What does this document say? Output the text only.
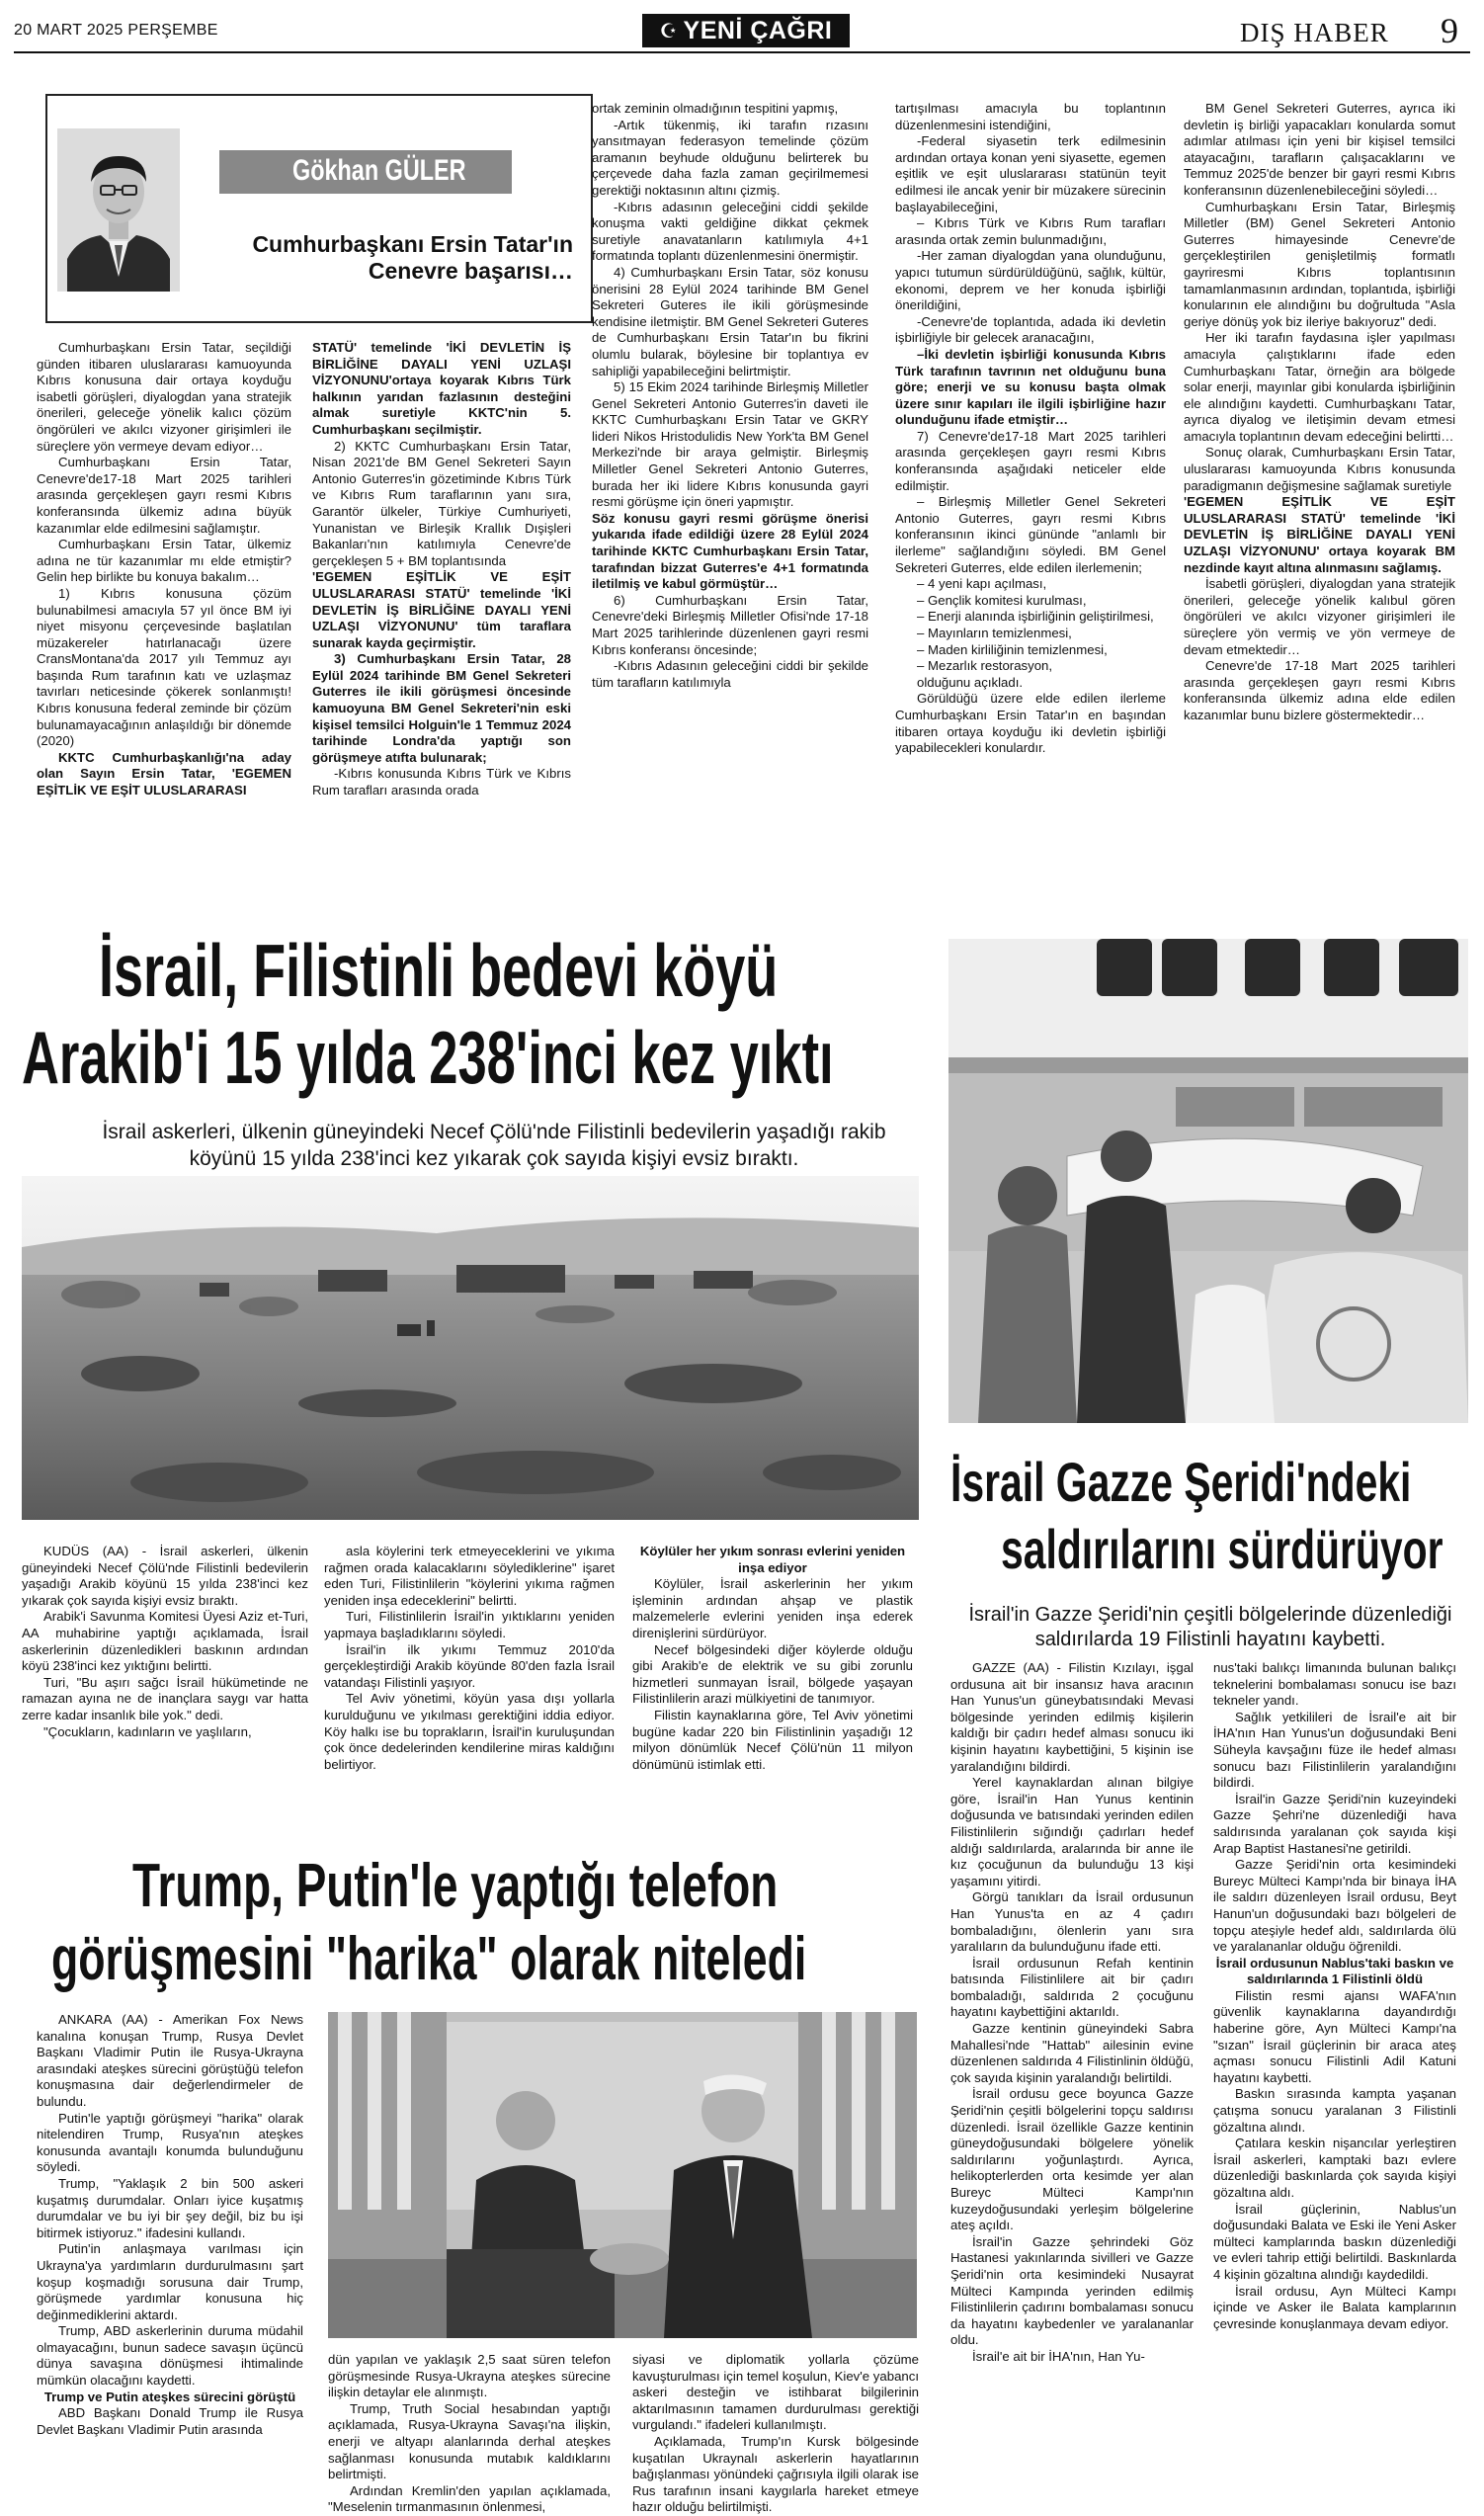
20 MART 2025 PERŞEMBE	☪ YENİ ÇAĞRI	DIŞ HABER 9
Gökhan GÜLER
Cumhurbaşkanı Ersin Tatar'ın Cenevre başarısı…

Cumhurbaşkanı Ersin Tatar, seçildiği günden itibaren uluslararası kamuoyunda Kıbrıs konusuna dair ortaya koyduğu isabetli görüşleri, diyalogdan yana stratejik önerileri, geleceğe yönelik kalıcı çözüm öngörüleri ve akılcı vizyoner girişimleri ile süreçlere yön vermeye devam ediyor…

Cumhurbaşkanı Ersin Tatar, Cenevre'de17-18 Mart 2025 tarihleri arasında gerçekleşen gayrı resmi Kıbrıs konferansında ülkemiz adına büyük kazanımlar elde edilmesini sağlamıştır.

Cumhurbaşkanı Ersin Tatar, ülkemiz adına ne tür kazanımlar mı elde etmiştir? Gelin hep birlikte bu konuya bakalım…

1) Kıbrıs konusuna çözüm bulunabilmesi amacıyla 57 yıl önce BM iyi niyet misyonu çerçevesinde başlatılan müzakereler hatırlanacağı üzere CransMontana'da 2017 yılı Temmuz ayı başında Rum tarafının katı ve uzlaşmaz tavırları neticesinde çökerek sonlanmıştı! Kıbrıs konusuna federal zeminde bir çözüm bulunamayacağının anlaşıldığı bir dönemde (2020)

KKTC Cumhurbaşkanlığı'na aday olan Sayın Ersin Tatar, 'EGEMEN EŞİTLİK VE EŞİT ULUSLARARASI

STATÜ' temelinde 'İKİ DEVLETİN İŞ BİRLİĞİNE DAYALI YENİ UZLAŞI VİZYONUNU'ortaya koyarak Kıbrıs Türk halkının yarıdan fazlasının desteğini almak suretiyle KKTC'nin 5. Cumhurbaşkanı seçilmiştir.

2) KKTC Cumhurbaşkanı Ersin Tatar, Nisan 2021'de BM Genel Sekreteri Sayın Antonio Guterres'in gözetiminde Kıbrıs Türk ve Kıbrıs Rum taraflarının yanı sıra, Garantör ülkeler, Türkiye Cumhuriyeti, Yunanistan ve Birleşik Krallık Dışişleri Bakanları'nın katılımıyla Cenevre'de gerçekleşen 5 + BM toplantısında

'EGEMEN EŞİTLİK VE EŞİT ULUSLARARASI STATÜ' temelinde 'İKİ DEVLETİN İŞ BİRLİĞİNE DAYALI YENİ UZLAŞI VİZYONUNU' tüm taraflara sunarak kayda geçirmiştir.

3) Cumhurbaşkanı Ersin Tatar, 28 Eylül 2024 tarihinde BM Genel Sekreteri Guterres ile ikili görüşmesi öncesinde kamuoyuna BM Genel Sekreteri'nin eski kişisel temsilci Holguin'le 1 Temmuz 2024 tarihinde Londra'da yaptığı son görüşmeye atıfta bulunarak;

-Kıbrıs konusunda Kıbrıs Türk ve Kıbrıs Rum tarafları arasında orada

ortak zeminin olmadığının tespitini yapmış,

-Artık tükenmiş, iki tarafın rızasını yansıtmayan federasyon temelinde çözüm aramanın beyhude olduğunu belirterek bu çerçevede daha fazla zaman geçirilmemesi gerektiği noktasının altını çizmiş.

-Kıbrıs adasının geleceğini ciddi şekilde konuşma vakti geldiğine dikkat çekmek suretiyle anavatanların katılımıyla 4+1 formatında toplantı düzenlenmesini önermiştir.

4) Cumhurbaşkanı Ersin Tatar, söz konusu önerisini 28 Eylül 2024 tarihinde BM Genel Sekreteri Guteres ile ikili görüşmesinde kendisine iletmiştir. BM Genel Sekreteri Guteres de Cumhurbaşkanı Ersin Tatar'ın bu fikrini olumlu bularak, böylesine bir toplantıya ev sahipliği yapabileceğini belirtmiştir.

5) 15 Ekim 2024 tarihinde Birleşmiş Milletler Genel Sekreteri Antonio Guterres'in daveti ile KKTC Cumhurbaşkanı Ersin Tatar ve GKRY lideri Nikos Hristodulidis New York'ta BM Genel Merkezi'nde bir araya gelmiştir. Birleşmiş Milletler Genel Sekreteri Antonio Guterres, burada her iki lidere Kıbrıs konusunda gayri resmi görüşme için öneri yapmıştır.

Söz konusu gayri resmi görüşme önerisi yukarıda ifade edildiği üzere 28 Eylül 2024 tarihinde KKTC Cumhurbaşkanı Ersin Tatar, tarafından bizzat Guterres'e 4+1 formatında iletilmiş ve kabul görmüştür…

6) Cumhurbaşkanı Ersin Tatar, Cenevre'deki Birleşmiş Milletler Ofisi'nde 17-18 Mart 2025 tarihlerinde düzenlenen gayri resmi Kıbrıs konferansı öncesinde;

-Kıbrıs Adasının geleceğini ciddi bir şekilde tüm tarafların katılımıyla

tartışılması amacıyla bu toplantının düzenlenmesini istendiğini,

-Federal siyasetin terk edilmesinin ardından ortaya konan yeni siyasette, egemen eşitlik ve eşit uluslararası statünün teyit edilmesi ile ancak yenir bir müzakere sürecinin başlayabileceğini,

– Kıbrıs Türk ve Kıbrıs Rum tarafları arasında ortak zemin bulunmadığını,

-Her zaman diyalogdan yana olunduğunu, yapıcı tutumun sürdürüldüğünü, sağlık, kültür, ekonomi, deprem ve her konuda işbirliği önerildiğini,

-Cenevre'de toplantıda, adada iki devletin işbirliğiyle bir gelecek aranacağını,

–İki devletin işbirliği konusunda Kıbrıs Türk tarafının tavrının net olduğunu buna göre; enerji ve su konusu başta olmak üzere sınır kapıları ile ilgili işbirliğine hazır olunduğunu ifade etmiştir…

7) Cenevre'de17-18 Mart 2025 tarihleri arasında gerçekleşen gayrı resmi Kıbrıs konferansında aşağıdaki neticeler elde edilmiştir.

– Birleşmiş Milletler Genel Sekreteri Antonio Guterres, gayrı resmi Kıbrıs konferansının ikinci gününde "anlamlı bir ilerleme" sağlandığını söyledi. BM Genel Sekreteri Guterres, elde edilen ilerlemenin;

– 4 yeni kapı açılması,

– Gençlik komitesi kurulması,

– Enerji alanında işbirliğinin geliştirilmesi,

– Mayınların temizlenmesi,

– Maden kirliliğinin temizlenmesi,

– Mezarlık restorasyon,

olduğunu açıkladı.

Görüldüğü üzere elde edilen ilerleme Cumhurbaşkanı Ersin Tatar'ın en başından itibaren ortaya koyduğu iki devletin işbirliği yapabilecekleri konulardır.

BM Genel Sekreteri Guterres, ayrıca iki devletin iş birliği yapacakları konularda somut adımlar atılması için yeni bir kişisel temsilci atayacağını, tarafların çalışacaklarını ve Temmuz 2025'de benzer bir gayri resmi Kıbrıs konferansının düzenlenebileceğini söyledi…

Cumhurbaşkanı Ersin Tatar, Birleşmiş Milletler (BM) Genel Sekreteri Antonio Guterres himayesinde Cenevre'de gerçekleştirilen genişletilmiş formatlı gayriresmi Kıbrıs toplantısının tamamlanmasının ardından, toplantıda, işbirliği konularının ele alındığını bu doğrultuda "Asla geriye dönüş yok biz ileriye bakıyoruz" dedi.

Her iki tarafın faydasına işler yapılması amacıyla çalıştıklarını ifade eden Cumhurbaşkanı Tatar, örneğin ara bölgede solar enerji, mayınlar gibi konularda işbirliğinin ele alındığını kaydetti. Cumhurbaşkanı Tatar, ayrıca diyalog ve iletişimin devam etmesi amacıyla toplantının devam edeceğini belirtti…

Sonuç olarak, Cumhurbaşkanı Ersin Tatar, uluslararası kamuoyunda Kıbrıs konusunda paradigmanın değişmesine sağlamak suretiyle

'EGEMEN EŞİTLİK VE EŞİT ULUSLARARASI STATÜ' temelinde 'İKİ DEVLETİN İŞ BİRLİĞİNE DAYALI YENİ UZLAŞI VİZYONUNU' ortaya koyarak BM nezdinde kayıt altına alınmasını sağlamış.

İsabetli görüşleri, diyalogdan yana stratejik önerileri, geleceğe yönelik kalıbul gören öngörüleri ve akılcı vizyoner girişimleri ile süreçlere yön vermiş ve yön vermeye de devam etmektedir…

Cenevre'de 17-18 Mart 2025 tarihleri arasında gerçekleşen gayrı resmi Kıbrıs konferansında ülkemiz adına elde edilen kazanımlar bunu bizlere göstermektedir…

İsrail, Filistinli bedevi köyü
Arakib'i 15 yılda 238'inci kez yıktı
İsrail askerleri, ülkenin güneyindeki Necef Çölü'nde Filistinli bedevilerin yaşadığı rakib köyünü 15 yılda 238'inci kez yıkarak çok sayıda kişiyi evsiz bıraktı.

KUDÜS (AA) - İsrail askerleri, ülkenin güneyindeki Necef Çölü'nde Filistinli bedevilerin yaşadığı Arakib köyünü 15 yılda 238'inci kez yıkarak çok sayıda kişiyi evsiz bıraktı.

Arabik'i Savunma Komitesi Üyesi Aziz et-Turi, AA muhabirine yaptığı açıklamada, İsrail askerlerinin düzenledikleri baskının ardından köyü 238'inci kez yıktığını belirtti.

Turi, "Bu aşırı sağcı İsrail hükümetinde ne ramazan ayına ne de inançlara saygı var hatta zerre kadar insanlık bile yok." dedi.

"Çocukların, kadınların ve yaşlıların,

asla köylerini terk etmeyeceklerini ve yıkıma rağmen orada kalacaklarını söylediklerine" işaret eden Turi, Filistinlilerin "köylerini yıkıma rağmen yeniden inşa edeceklerini" belirtti.

Turi, Filistinlilerin İsrail'in yıktıklarını yeniden yapmaya başladıklarını söyledi.

İsrail'in ilk yıkımı Temmuz 2010'da gerçekleştirdiği Arakib köyünde 80'den fazla İsrail vatandaşı Filistinli yaşıyor.

Tel Aviv yönetimi, köyün yasa dışı yollarla kurulduğunu ve yıkılması gerektiğini iddia ediyor. Köy halkı ise bu toprakların, İsrail'in kuruluşundan çok önce dedelerinden kendilerine miras kaldığını belirtiyor.

Köylüler her yıkım sonrası evlerini yeniden inşa ediyor

Köylüler, İsrail askerlerinin her yıkım işleminin ardından ahşap ve plastik malzemelerle evlerini yeniden inşa ederek direnişlerini sürdürüyor.

Necef bölgesindeki diğer köylerde olduğu gibi Arakib'e de elektrik ve su gibi zorunlu hizmetleri sunmayan İsrail, bölgede yaşayan Filistinlilerin arazi mülkiyetini de tanımıyor.

Filistin kaynaklarına göre, Tel Aviv yönetimi bugüne kadar 220 bin Filistinlinin yaşadığı 12 milyon dönümlük Necef Çölü'nün 11 milyon dönümünü istimlak etti.

İsrail Gazze Şeridi'ndeki
saldırılarını sürdürüyor
İsrail'in Gazze Şeridi'nin çeşitli bölgelerinde düzenlediği saldırılarda 19 Filistinli hayatını kaybetti.

GAZZE (AA) - Filistin Kızılayı, işgal ordusuna ait bir insansız hava aracının Han Yunus'un güneybatısındaki Mevasi bölgesinde yerinden edilmiş kişilerin kaldığı bir çadırı hedef alması sonucu iki kişinin hayatını kaybettiğini, 5 kişinin ise yaralandığını bildirdi.

Yerel kaynaklardan alınan bilgiye göre, İsrail'in Han Yunus kentinin doğusunda ve batısındaki yerinden edilen Filistinlilerin sığındığı çadırları hedef aldığı saldırılarda, aralarında bir anne ile kız çocuğunun da bulunduğu 13 kişi yaşamını yitirdi.

Görgü tanıkları da İsrail ordusunun Han Yunus'ta en az 4 çadırı bombaladığını, ölenlerin yanı sıra yaralıların da bulunduğunu ifade etti.

İsrail ordusunun Refah kentinin batısında Filistinlilere ait bir çadırı bombaladığı, saldırıda 2 çocuğunu hayatını kaybettiğini aktarıldı.

Gazze kentinin güneyindeki Sabra Mahallesi'nde "Hattab" ailesinin evine düzenlenen saldırıda 4 Filistinlinin öldüğü, çok sayıda kişinin yaralandığı belirtildi.

İsrail ordusu gece boyunca Gazze Şeridi'nin çeşitli bölgelerini topçu saldırısı düzenledi. İsrail özellikle Gazze kentinin güneydoğusundaki bölgelere yönelik saldırılarını yoğunlaştırdı. Ayrıca, helikopterlerden orta kesimde yer alan Bureyc Mülteci Kampı'nın kuzeydoğusundaki yerleşim bölgelerine ateş açıldı.

İsrail'in Gazze şehrindeki Göz Hastanesi yakınlarında sivilleri ve Gazze Şeridi'nin orta kesimindeki Nusayrat Mülteci Kampında yerinden edilmiş Filistinlilerin çadırını bombalaması sonucu da hayatını kaybedenler ve yaralananlar oldu.

İsrail'e ait bir İHA'nın, Han Yu-

nus'taki balıkçı limanında bulunan balıkçı teknelerini bombalaması sonucu ise bazı tekneler yandı.

Sağlık yetkilileri de İsrail'e ait bir İHA'nın Han Yunus'un doğusundaki Beni Süheyla kavşağını füze ile hedef alması sonucu bazı Filistinlilerin yaralandığını bildirdi.

İsrail'in Gazze Şeridi'nin kuzeyindeki Gazze Şehri'ne düzenlediği hava saldırısında yaralanan çok sayıda kişi Arap Baptist Hastanesi'ne getirildi.

Gazze Şeridi'nin orta kesimindeki Bureyc Mülteci Kampı'nda bir binaya İHA ile saldırı düzenleyen İsrail ordusu, Beyt Hanun'un doğusundaki bazı bölgeleri de topçu ateşiyle hedef aldı, saldırılarda ölü ve yaralananlar olduğu öğrenildi.

İsrail ordusunun Nablus'taki baskın ve saldırılarında 1 Filistinli öldü

Filistin resmi ajansı WAFA'nın güvenlik kaynaklarına dayandırdığı haberine göre, Ayn Mülteci Kampı'na "sızan" İsrail güçlerinin bir araca ateş açması sonucu Filistinli Adil Katuni hayatını kaybetti.

Baskın sırasında kampta yaşanan çatışma sonucu yaralanan 3 Filistinli gözaltına alındı.

Çatılara keskin nişancılar yerleştiren İsrail askerleri, kamptaki bazı evlere düzenlediği baskınlarda çok sayıda kişiyi gözaltına aldı.

İsrail güçlerinin, Nablus'un doğusundaki Balata ve Eski ile Yeni Asker mülteci kamplarında baskın düzenlediği ve evleri tahrip ettiği belirtildi. Baskınlarda 4 kişinin gözaltına alındığı kaydedildi.

İsrail ordusu, Ayn Mülteci Kampı içinde ve Asker ile Balata kamplarının çevresinde konuşlanmaya devam ediyor.

Trump, Putin'le yaptığı telefon
görüşmesini "harika" olarak niteledi

ANKARA (AA) - Amerikan Fox News kanalına konuşan Trump, Rusya Devlet Başkanı Vladimir Putin ile Rusya-Ukrayna arasındaki ateşkes sürecini görüştüğü telefon konuşmasına dair değerlendirmeler de bulundu.

Putin'le yaptığı görüşmeyi "harika" olarak nitelendiren Trump, Rusya'nın ateşkes konusunda avantajlı konumda bulunduğunu söyledi.

Trump, "Yaklaşık 2 bin 500 askeri kuşatmış durumdalar. Onları iyice kuşatmış durumdalar ve bu iyi bir şey değil, biz bu işi bitirmek istiyoruz." ifadesini kullandı.

Putin'in anlaşmaya varılması için Ukrayna'ya yardımların durdurulmasını şart koşup koşmadığı sorusuna dair Trump, görüşmede yardımlar konusuna hiç değinmediklerini aktardı.

Trump, ABD askerlerinin duruma müdahil olmayacağını, bunun sadece savaşın üçüncü dünya savaşına dönüşmesi ihtimalinde mümkün olacağını kaydetti.

Trump ve Putin ateşkes sürecini görüştü

ABD Başkanı Donald Trump ile Rusya Devlet Başkanı Vladimir Putin arasında

dün yapılan ve yaklaşık 2,5 saat süren telefon görüşmesinde Rusya-Ukrayna ateşkes sürecine ilişkin detaylar ele alınmıştı.

Trump, Truth Social hesabından yaptığı açıklamada, Rusya-Ukrayna Savaşı'na ilişkin, enerji ve altyapı alanlarında derhal ateşkes sağlanması konusunda mutabık kaldıklarını belirtmişti.

Ardından Kremlin'den yapılan açıklamada, "Meselenin tırmanmasının önlenmesi,

siyasi ve diplomatik yollarla çözüme kavuşturulması için temel koşulun, Kiev'e yabancı askeri desteğin ve istihbarat bilgilerinin aktarılmasının tamamen durdurulması gerektiği vurgulandı." ifadeleri kullanılmıştı.

Açıklamada, Trump'ın Kursk bölgesinde kuşatılan Ukraynalı askerlerin hayatlarının bağışlanması yönündeki çağrısıyla ilgili olarak ise Rus tarafının insani kaygılarla hareket etmeye hazır olduğu belirtilmişti.
